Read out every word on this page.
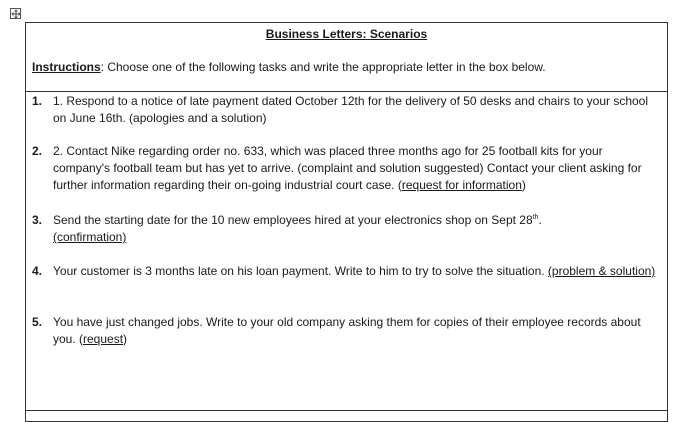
Business Letters: Scenarios
Instructions: Choose one of the following tasks and write the appropriate letter in the box below.
1. 1. Respond to a notice of late payment dated October 12th for the delivery of 50 desks and chairs to your school on June 16th. (apologies and a solution)
2. 2. Contact Nike regarding order no. 633, which was placed three months ago for 25 football kits for your company's football team but has yet to arrive. (complaint and solution suggested) Contact your client asking for further information regarding their on-going industrial court case. (request for information)
3. Send the starting date for the 10 new employees hired at your electronics shop on Sept 28th.
(confirmation)
4. Your customer is 3 months late on his loan payment. Write to him to try to solve the situation. (problem & solution)
5. You have just changed jobs. Write to your old company asking them for copies of their employee records about you. (request)
